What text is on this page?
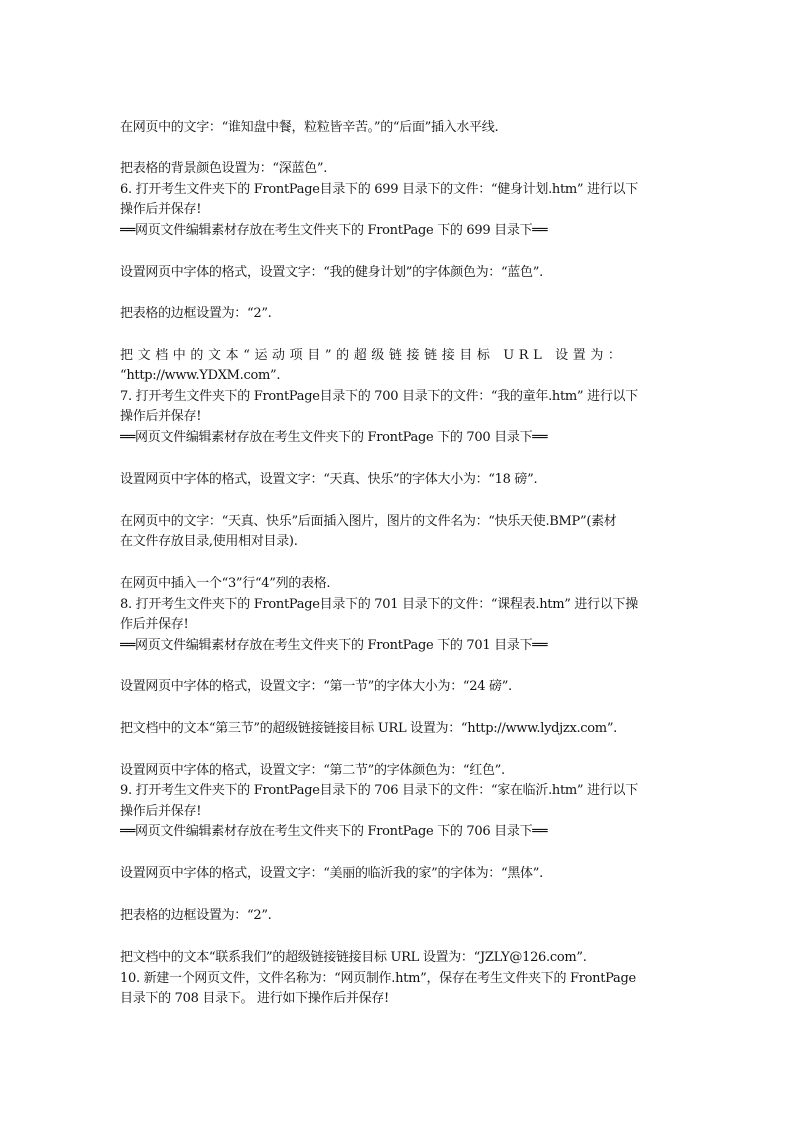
在网页中的文字：“谁知盘中餐，粒粒皆辛苦。”的“后面”插入水平线.
把表格的背景颜色设置为：“深蓝色”.
6. 打开考生文件夹下的 FrontPage目录下的 699 目录下的文件：“健身计划.htm” 进行以下
操作后并保存!
══网页文件编辑素材存放在考生文件夹下的 FrontPage 下的 699 目录下══
设置网页中字体的格式，设置文字：“我的健身计划”的字体颜色为：“蓝色”.
把表格的边框设置为：“2”.
把文档中的文本“运动项目”的超级链接链接目标 URL 设置为：
“http://www.YDXM.com”.
7. 打开考生文件夹下的 FrontPage目录下的 700 目录下的文件：“我的童年.htm” 进行以下
操作后并保存!
══网页文件编辑素材存放在考生文件夹下的 FrontPage 下的 700 目录下══
设置网页中字体的格式，设置文字：“天真、快乐”的字体大小为：“18 磅”.
在网页中的文字：“天真、快乐”后面插入图片，图片的文件名为：“快乐天使.BMP”(素材
在文件存放目录,使用相对目录).
在网页中插入一个“3”行“4”列的表格.
8. 打开考生文件夹下的 FrontPage目录下的 701 目录下的文件：“课程表.htm” 进行以下操
作后并保存!
══网页文件编辑素材存放在考生文件夹下的 FrontPage 下的 701 目录下══
设置网页中字体的格式，设置文字：“第一节”的字体大小为：“24 磅”.
把文档中的文本“第三节”的超级链接链接目标 URL 设置为：“http://www.lydjzx.com”.
设置网页中字体的格式，设置文字：“第二节”的字体颜色为：“红色”.
9. 打开考生文件夹下的 FrontPage目录下的 706 目录下的文件：“家在临沂.htm” 进行以下
操作后并保存!
══网页文件编辑素材存放在考生文件夹下的 FrontPage 下的 706 目录下══
设置网页中字体的格式，设置文字：“美丽的临沂我的家”的字体为：“黑体”.
把表格的边框设置为：“2”.
把文档中的文本“联系我们”的超级链接链接目标 URL 设置为：“JZLY@126.com”.
10. 新建一个网页文件，文件名称为：“网页制作.htm”，保存在考生文件夹下的 FrontPage
目录下的 708 目录下。 进行如下操作后并保存!
